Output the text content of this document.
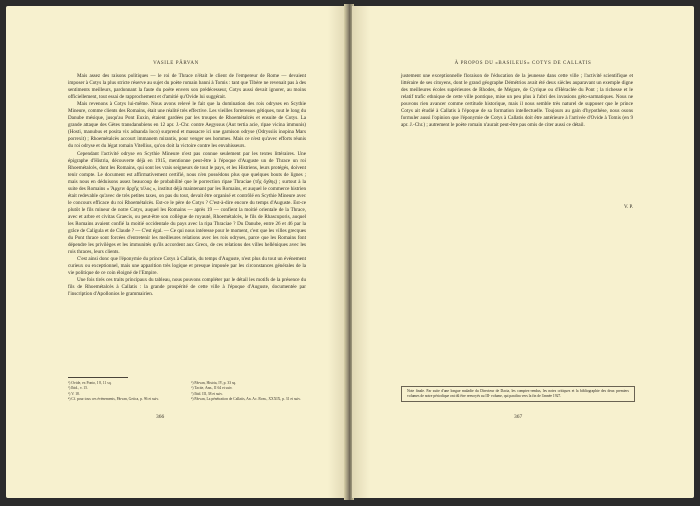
VASILE PÂRVAN

Mais assez des raisons politiques — le roi de Thrace n'était le client de l'empereur de Rome — devaient imposer à Cotys la plus stricte réserve au sujet du poète romain banni à Tomis : tant que Tibère ne revenait pas à des sentiments meilleurs, pardonnant la faute du poète envers son prédécesseur, Cotys aussi devait ignorer, au moins officiellement, tout essai de rapprochement et d'amitié qu'Ovide lui suggérait.

Mais revenons à Cotys lui-même. Nous avons relevé le fait que la domination des rois odryses en Scythie Mineure, comme clients des Romains, était une réalité très effective. Les vieilles forteresses gétiques, tout le long du Danube mésique, jusqu'au Pont Euxin, étaient gardées par les troupes de Rhoemétalcès et ensuite de Cotys. La grande attaque des Gètes transdanubiens en 12 apr. J.-Chr. contre Aegyssus (Aut tertia acie, ripae vicina immunis) (Hosti, manubus et posita vix adnanda loco) surprend et massacre ici une garnison odryse (Odryssiis inopina Mars porrexit) ; Rhoemétalcès accourt immanem mirantis, pour venger ses hommes. Mais ce n'est qu'avec efforts réunis du roi odryse et du légat romain Vitellius, qu'on doit la victoire contre les envahisseurs.

Cependant l'activité odryse en Scythie Mineure n'est pas connue seulement par les textes littéraires. Une épigraphe d'Histria, découverte déjà en 1915, mentionne peut-être à l'époque d'Auguste un de Thrace un roi Rhoemétalcès, dont les Romains, qui sont les vrais seigneurs de tout le pays, et les Histriens, leurs protégés, doivent tenir compte. Le document est affirmativement certifié, nous n'en possédons plus que quelques bouts de lignes ; mais nous en déduisons assez beaucoup de probabilité que le porrection ripae Thraciae (τῆς ὄχθης) ; surtout à la suite des Romains « Ἄρχειν ἄρχῆς τέλος », institut déjà maintenant par les Romains, et auquel le commerce histrien était redevable qu'avec de très petites taxes, on pas du tout, devait être organisé et contrôlé en Scythie Mineure avec le concours efficace du roi Rhoemétalcès. Est-ce le père de Cotys ? C'est-à-dire encore du temps d'Auguste. Est-ce plutôt le fils mineur de notre Cotys, auquel les Romains — après 19 — confient la moitié orientale de la Thrace, avec et arbre et civitas Graecis, ou peut-être son collègue de royauté, Rhoemétalcès, le fils de Rhascuporis, auquel les Romains avaient confié la moitié occidentale du pays avec la ripa Thraciae ? Du Danube, entre 26 et 46 par la grâce de Caligula et de Claude ? — C'est égal. — Ce qui nous intéresse pour le moment, c'est que les villes grecques du Pont thrace sont forcées d'entretenir les meilleures relations avec les rois odryses, parce que les Romains font dépendre les privilèges et les immunités qu'ils accordent aux Grecs, de ces relations des villes helléniques avec les rois thraces, leurs clients.

C'est ainsi donc que l'éponymie du prince Cotys à Callatis, du temps d'Auguste, n'est plus du tout un événement curieux ou exceptionnel, mais une apparition très logique et presque imposée par les circonstances générales de la vie politique de ce coin éloigné de l'Empire.

Une fois tirés ces traits principaux du tableau, nous pouvons compléter par le détail les motifs de la présence du fils de Rhoemétalcès à Callatis : la grande prospérité de cette ville à l'époque d'Auguste, documentée par l'inscription d'Apollonios le grammairien.

¹) Ovide, ex Ponto, I 8, 11 sq.	⁵) Pârvan, Histria, IV, p. 33 sq.
²) Ibid., v. 15.	⁶) Tacite, Ann., II 64 et suiv.
³) V. 18.	⁷) Ibid. III, 38 et suiv.
⁴) Cf. pour tous ces événements, Pârvan, Getica, p. 96 et suiv.	⁸) Pârvan, La pénétration de Callatis, An. Ac. Rom., XXXIX, p. 31 et suiv.
366
À PROPOS DU «BASILEUS» COTYS DE CALLATIS

justement une exceptionnelle floraison de l'éducation de la jeunesse dans cette ville ; l'activité scientifique et littéraire de ses citoyens, dont le grand géographe Démétrios avait été deux siècles auparavant un exemple digne des meilleures écoles supérieures de Rhodes, de Mégare, de Cyrique ou d'Héraclée du Pont ; la richesse et le relatif trafic ethnique de cette ville pontique, mise un peu plus à l'abri des invasions géto-sarmatiques. Nous ne pouvons rien avancer comme certitude historique, mais il nous semble très naturel de supposer que le prince Cotys ait étudié à Callatis à l'époque de sa formation intellectuelle. Toujours au gain d'hypothèse, nous osons formuler aussi l'opinion que l'éponymie de Cotys à Callatis doit être antérieure à l'arrivée d'Ovide à Tomis (en 9 apr. J.-Chr.) ; autrement le poète romain n'aurait peut-être pas omis de citer aussi ce détail.

V. P.
Note finale. Par suite d'une longue maladie du Directeur de Dacia, les comptes-rendus, les notes critiques et la bibliographie des deux premiers volumes de notre périodique ont dû être renvoyés au IIIᵉ volume, qui paraîtra vers la fin de l'année 1927.
367
